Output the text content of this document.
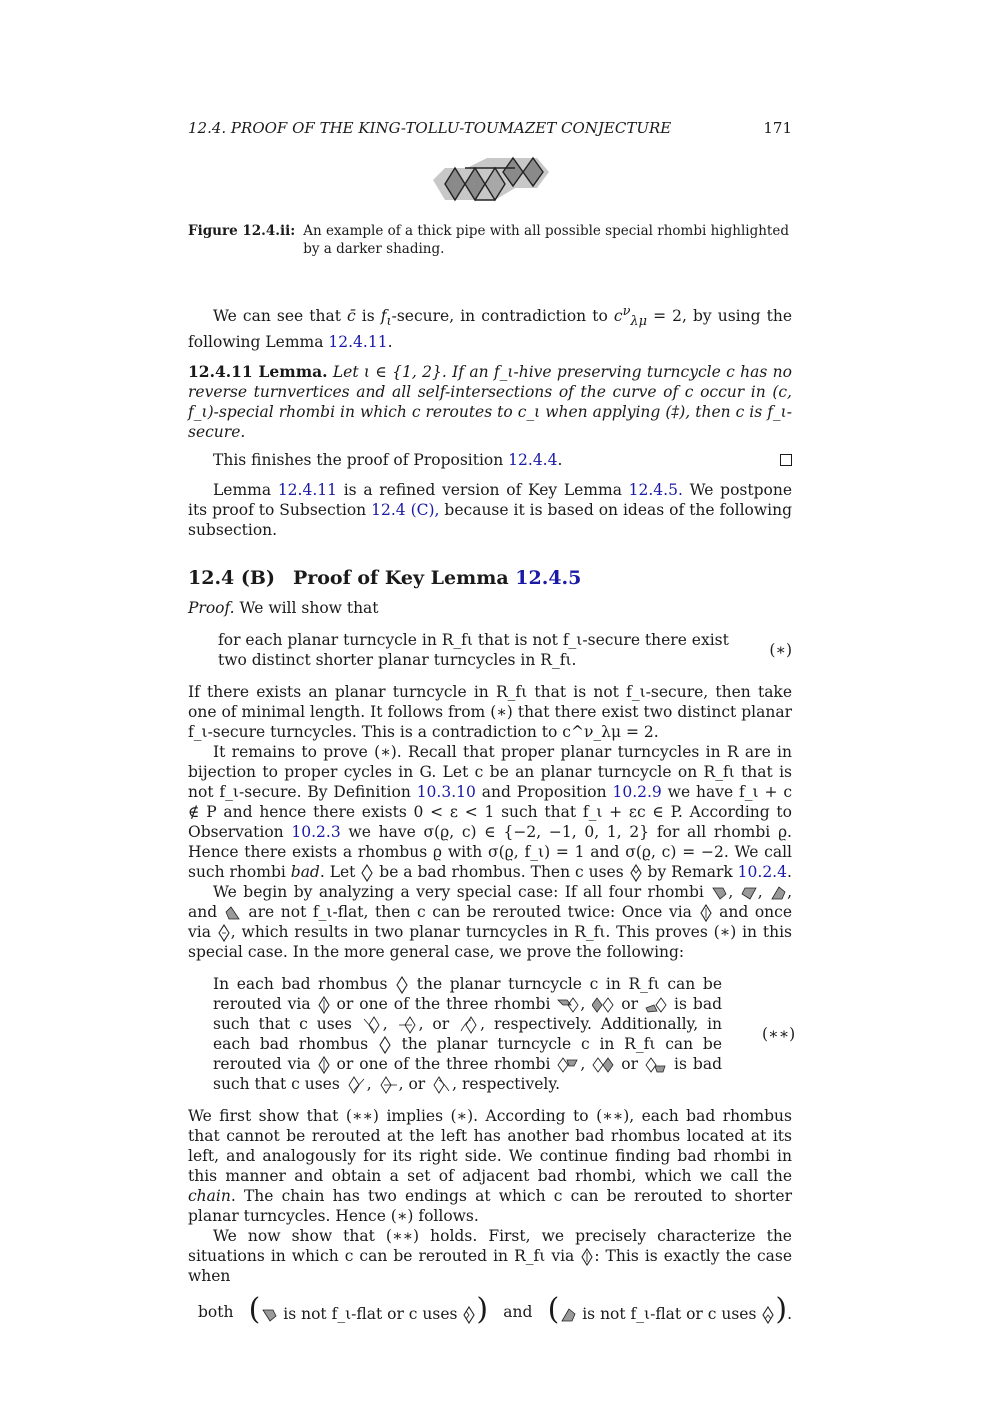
12.4. PROOF OF THE KING-TOLLU-TOUMAZET CONJECTURE	171
Figure 12.4.ii: An example of a thick pipe with all possible special rhombi highlighted by a darker shading.

We can see that c̄ is $f_\iota$-secure, in contradiction to $c^\nu_{\lambda\mu} = 2$, by using the following Lemma 12.4.11.

12.4.11 Lemma. Let ι ∈ {1, 2}. If an f_ι-hive preserving turncycle c has no reverse turnvertices and all self-intersections of the curve of c occur in (c, f_ι)-special rhombi in which c reroutes to c_ι when applying (‡), then c is f_ι-secure.

This finishes the proof of Proposition 12.4.4.

Lemma 12.4.11 is a refined version of Key Lemma 12.4.5. We postpone its proof to Subsection 12.4 (C), because it is based on ideas of the following subsection.

12.4 (B) Proof of Key Lemma 12.4.5

Proof. We will show that

for each planar turncycle in R_fι that is not f_ι-secure there exist two distinct shorter planar turncycles in R_fι.
(∗)

If there exists an planar turncycle in R_fι that is not f_ι-secure, then take one of minimal length. It follows from (∗) that there exist two distinct planar f_ι-secure turncycles. This is a contradiction to c^ν_λμ = 2.

It remains to prove (∗). Recall that proper planar turncycles in R are in bijection to proper cycles in G. Let c be an planar turncycle on R_fι that is not f_ι-secure. By Definition 10.3.10 and Proposition 10.2.9 we have f_ι + c ∉ P and hence there exists 0 < ε < 1 such that f_ι + εc ∈ P. According to Observation 10.2.3 we have σ(ϱ, c) ∈ {−2, −1, 0, 1, 2} for all rhombi ϱ. Hence there exists a rhombus ϱ with σ(ϱ, f_ι) = 1 and σ(ϱ, c) = −2. We call such rhombi bad. Let  be a bad rhombus. Then c uses  by Remark 10.2.4.

We begin by analyzing a very special case: If all four rhombi , , , and  are not f_ι-flat, then c can be rerouted twice: Once via  and once via , which results in two planar turncycles in R_fι. This proves (∗) in this special case. In the more general case, we prove the following:

In each bad rhombus  the planar turncycle c in R_fι can be rerouted via  or one of the three rhombi ,  or  is bad such that c uses , , or , respectively. Additionally, in each bad rhombus  the planar turncycle c in R_fι can be rerouted via  or one of the three rhombi ,  or  is bad such that c uses , , or , respectively.
(∗∗)

We first show that (∗∗) implies (∗). According to (∗∗), each bad rhombus that cannot be rerouted at the left has another bad rhombus located at its left, and analogously for its right side. We continue finding bad rhombi in this manner and obtain a set of adjacent bad rhombi, which we call the chain. The chain has two endings at which c can be rerouted to shorter planar turncycles. Hence (∗) follows.

We now show that (∗∗) holds. First, we precisely characterize the situations in which c can be rerouted in R_fι via : This is exactly the case when

both ( is not f_ι-flat or c uses ) and ( is not f_ι-flat or c uses ).
